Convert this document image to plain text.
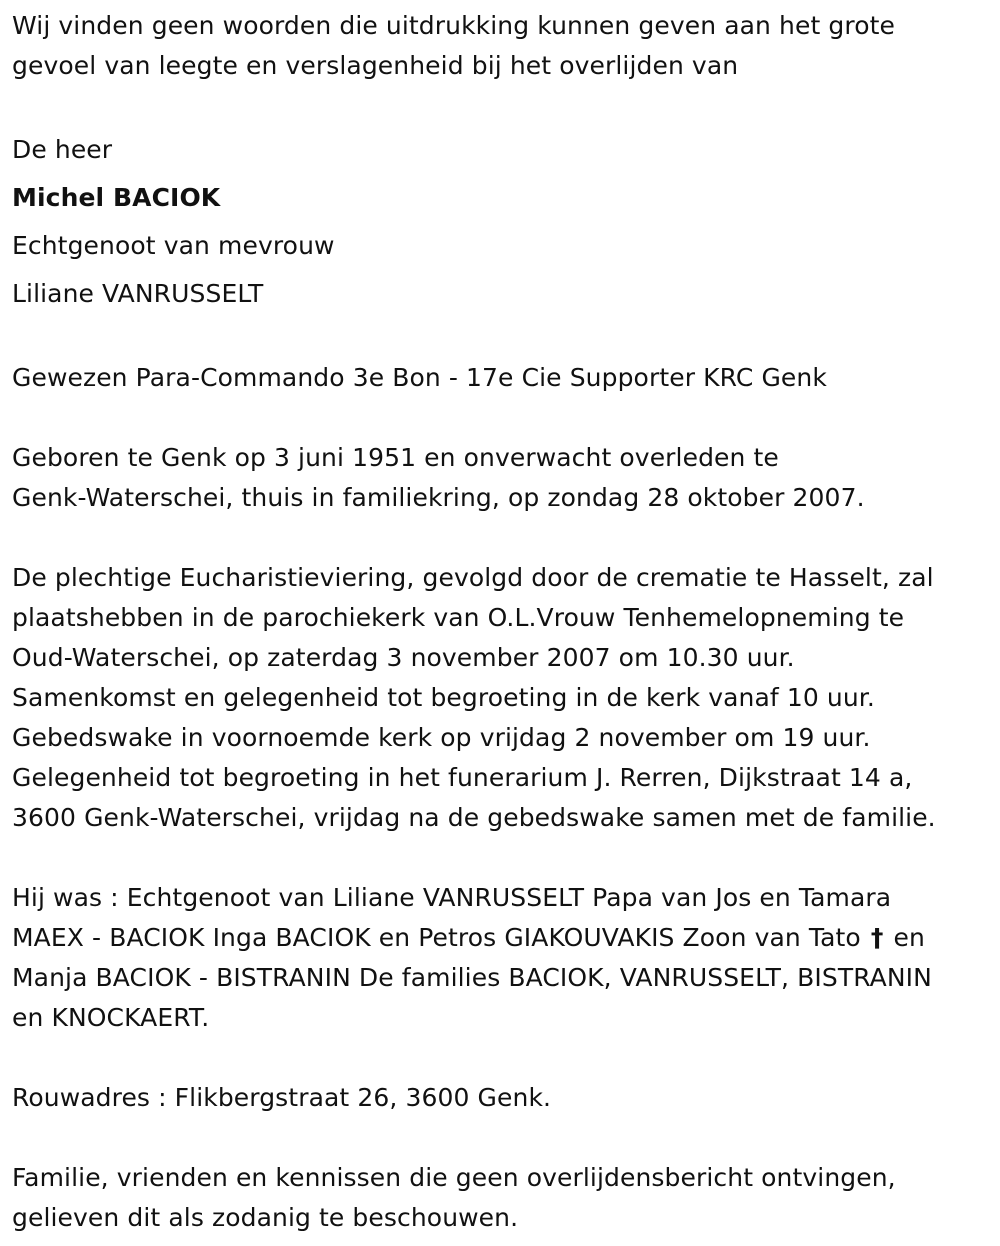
Wij vinden geen woorden die uitdrukking kunnen geven aan het grote
gevoel van leegte en verslagenheid bij het overlijden van
De heer
Michel BACIOK
Echtgenoot van mevrouw
Liliane VANRUSSELT
Gewezen Para-Commando 3e Bon - 17e Cie Supporter KRC Genk
Geboren te Genk op 3 juni 1951 en onverwacht overleden te
Genk-Waterschei, thuis in familiekring, op zondag 28 oktober 2007.
De plechtige Eucharistieviering, gevolgd door de crematie te Hasselt, zal
plaatshebben in de parochiekerk van O.L.Vrouw Tenhemelopneming te
Oud-Waterschei, op zaterdag 3 november 2007 om 10.30 uur.
Samenkomst en gelegenheid tot begroeting in de kerk vanaf 10 uur.
Gebedswake in voornoemde kerk op vrijdag 2 november om 19 uur.
Gelegenheid tot begroeting in het funerarium J. Rerren, Dijkstraat 14 a,
3600 Genk-Waterschei, vrijdag na de gebedswake samen met de familie.
Hij was : Echtgenoot van Liliane VANRUSSELT Papa van Jos en Tamara
MAEX - BACIOK Inga BACIOK en Petros GIAKOUVAKIS Zoon van Tato † en
Manja BACIOK - BISTRANIN De families BACIOK, VANRUSSELT, BISTRANIN
en KNOCKAERT.
Rouwadres : Flikbergstraat 26, 3600 Genk.
Familie, vrienden en kennissen die geen overlijdensbericht ontvingen,
gelieven dit als zodanig te beschouwen.
